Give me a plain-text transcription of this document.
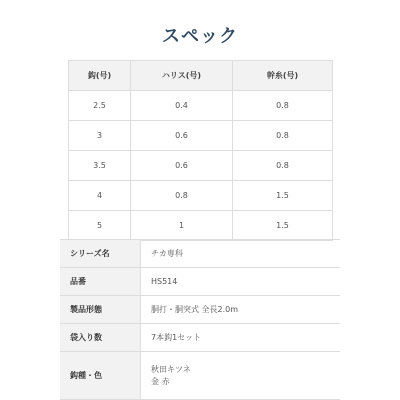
スペック
鈎(号)	ハリス(号)	幹糸(号)
2.5	0.4	0.8
3	0.6	0.8
3.5	0.6	0.8
4	0.8	1.5
5	1	1.5
シリーズ名	チカ専科
品番	HS514
製品形態	胴打・胴突式 全長2.0m
袋入り数	7本鈎1セット
鈎種・色	秋田キツネ
金 赤
